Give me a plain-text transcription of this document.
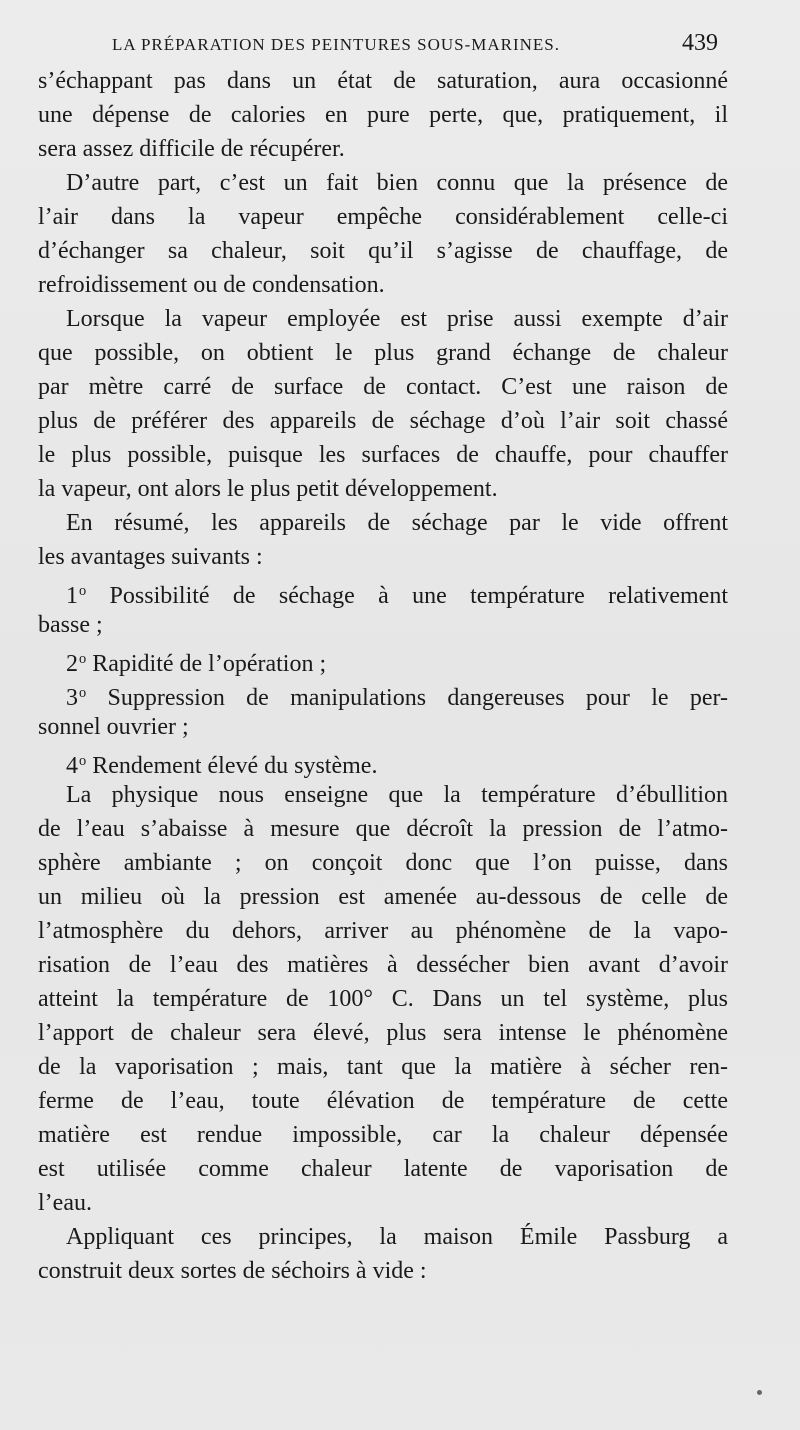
LA PRÉPARATION DES PEINTURES SOUS-MARINES.	439
s’échappant pas dans un état de saturation, aura occasionné
une dépense de calories en pure perte, que, pratiquement, il
sera assez difficile de récupérer.
D’autre part, c’est un fait bien connu que la présence de
l’air dans la vapeur empêche considérablement celle-ci
d’échanger sa chaleur, soit qu’il s’agisse de chauffage, de
refroidissement ou de condensation.
Lorsque la vapeur employée est prise aussi exempte d’air
que possible, on obtient le plus grand échange de chaleur
par mètre carré de surface de contact. C’est une raison de
plus de préférer des appareils de séchage d’où l’air soit chassé
le plus possible, puisque les surfaces de chauffe, pour chauffer
la vapeur, ont alors le plus petit développement.
En résumé, les appareils de séchage par le vide offrent
les avantages suivants :
1$^o$ Possibilité de séchage à une température relativement
basse ;
2$^o$ Rapidité de l’opération ;
3$^o$ Suppression de manipulations dangereuses pour le per-
sonnel ouvrier ;
4$^o$ Rendement élevé du système.
La physique nous enseigne que la température d’ébullition
de l’eau s’abaisse à mesure que décroît la pression de l’atmo-
sphère ambiante ; on conçoit donc que l’on puisse, dans
un milieu où la pression est amenée au-dessous de celle de
l’atmosphère du dehors, arriver au phénomène de la vapo-
risation de l’eau des matières à dessécher bien avant d’avoir
atteint la température de 100° C. Dans un tel système, plus
l’apport de chaleur sera élevé, plus sera intense le phénomène
de la vaporisation ; mais, tant que la matière à sécher ren-
ferme de l’eau, toute élévation de température de cette
matière est rendue impossible, car la chaleur dépensée
est utilisée comme chaleur latente de vaporisation de
l’eau.
Appliquant ces principes, la maison Émile Passburg a
construit deux sortes de séchoirs à vide :
